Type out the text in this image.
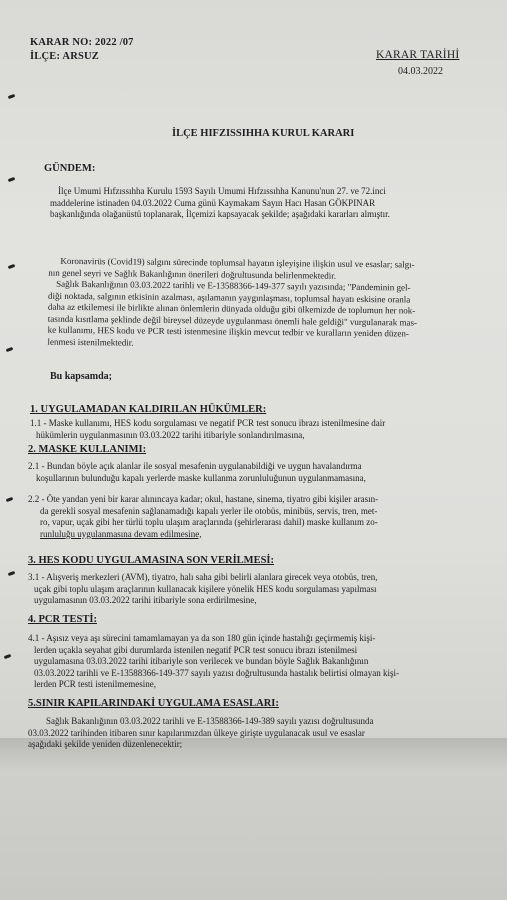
KARAR NO: 2022 /07
İLÇE: ARSUZ	KARAR TARİHİ
04.03.2022
İLÇE HIFZISSIHHA KURUL KARARI
GÜNDEM:
İlçe Umumi Hıfzıssıhha Kurulu 1593 Sayılı Umumi Hıfzıssıhha Kanunu'nun 27. ve 72.inci
maddelerine istinaden 04.03.2022 Cuma günü Kaymakam Sayın Hacı Hasan GÖKPINAR
başkanlığında olağanüstü toplanarak, İlçemizi kapsayacak şekilde; aşağıdaki kararları almıştır.
Koronavirüs (Covid19) salgını sürecinde toplumsal hayatın işleyişine ilişkin usul ve esaslar; salgı-
nın genel seyri ve Sağlık Bakanlığının önerileri doğrultusunda belirlenmektedir.
Sağlık Bakanlığının 03.03.2022 tarihli ve E-13588366-149-377 sayılı yazısında; "Pandeminin gel-
diği noktada, salgının etkisinin azalması, aşılamanın yaygınlaşması, toplumsal hayatı eskisine oranla
daha az etkilemesi ile birlikte alınan önlemlerin dünyada olduğu gibi ülkemizde de toplumun her nok-
tasında kısıtlama şeklinde değil bireysel düzeyde uygulanması önemli hale geldiği" vurgulanarak mas-
ke kullanımı, HES kodu ve PCR testi istenmesine ilişkin mevcut tedbir ve kuralların yeniden düzen-
lenmesi istenilmektedir.
Bu kapsamda;
1. UYGULAMADAN KALDIRILAN HÜKÜMLER:
1.1 - Maske kullanımı, HES kodu sorgulaması ve negatif PCR test sonucu ibrazı istenilmesine dair
hükümlerin uygulanmasının 03.03.2022 tarihi itibariyle sonlandırılmasına,
2. MASKE KULLANIMI:
2.1 - Bundan böyle açık alanlar ile sosyal mesafenin uygulanabildiği ve uygun havalandırma
koşullarının bulunduğu kapalı yerlerde maske kullanma zorunluluğunun uygulanmamasına,
2.2 - Öte yandan yeni bir karar alınıncaya kadar; okul, hastane, sinema, tiyatro gibi kişiler arasın-
da gerekli sosyal mesafenin sağlanamadığı kapalı yerler ile otobüs, minibüs, servis, tren, met-
ro, vapur, uçak gibi her türlü toplu ulaşım araçlarında (şehirlerarası dahil) maske kullanım zo-
runluluğu uygulanmasına devam edilmesine,
3. HES KODU UYGULAMASINA SON VERİLMESİ:
3.1 - Alışveriş merkezleri (AVM), tiyatro, halı saha gibi belirli alanlara girecek veya otobüs, tren,
uçak gibi toplu ulaşım araçlarının kullanacak kişilere yönelik HES kodu sorgulaması yapılması
uygulamasının 03.03.2022 tarihi itibariyle sona erdirilmesine,
4. PCR TESTİ:
4.1 - Aşısız veya aşı sürecini tamamlamayan ya da son 180 gün içinde hastalığı geçirmemiş kişi-
lerden uçakla seyahat gibi durumlarda istenilen negatif PCR test sonucu ibrazı istenilmesi
uygulamasına 03.03.2022 tarihi itibariyle son verilecek ve bundan böyle Sağlık Bakanlığının
03.03.2022 tarihli ve E-13588366-149-377 sayılı yazısı doğrultusunda hastalık belirtisi olmayan kişi-
lerden PCR testi istenilmemesine,
5.SINIR KAPILARINDAKİ UYGULAMA ESASLARI:
Sağlık Bakanlığının 03.03.2022 tarihli ve E-13588366-149-389 sayılı yazısı doğrultusunda
03.03.2022 tarihinden itibaren sınır kapılarımızdan ülkeye girişte uygulanacak usul ve esaslar
aşağıdaki şekilde yeniden düzenlenecektir;
